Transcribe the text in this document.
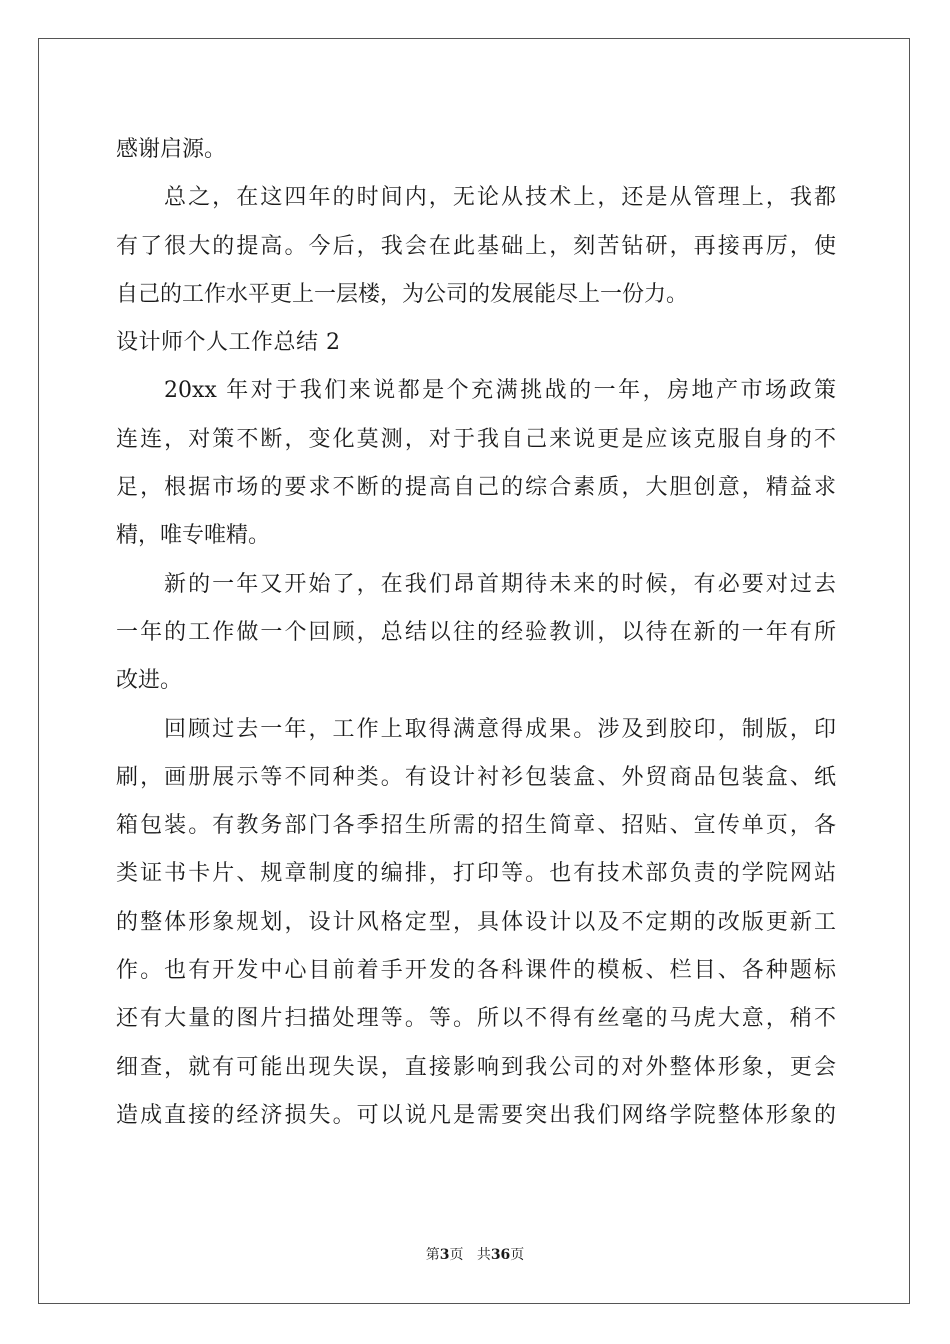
感谢启源。
总之，在这四年的时间内，无论从技术上，还是从管理上，我都
有了很大的提高。今后，我会在此基础上，刻苦钻研，再接再厉，使
自己的工作水平更上一层楼，为公司的发展能尽上一份力。
设计师个人工作总结 2
20xx 年对于我们来说都是个充满挑战的一年，房地产市场政策
连连，对策不断，变化莫测，对于我自己来说更是应该克服自身的不
足，根据市场的要求不断的提高自己的综合素质，大胆创意，精益求
精，唯专唯精。
新的一年又开始了，在我们昂首期待未来的时候，有必要对过去
一年的工作做一个回顾，总结以往的经验教训，以待在新的一年有所
改进。
回顾过去一年，工作上取得满意得成果。涉及到胶印，制版，印
刷，画册展示等不同种类。有设计衬衫包装盒、外贸商品包装盒、纸
箱包装。有教务部门各季招生所需的招生简章、招贴、宣传单页，各
类证书卡片、规章制度的编排，打印等。也有技术部负责的学院网站
的整体形象规划，设计风格定型，具体设计以及不定期的改版更新工
作。也有开发中心目前着手开发的各科课件的模板、栏目、各种题标
还有大量的图片扫描处理等。等。所以不得有丝毫的马虎大意，稍不
细查，就有可能出现失误，直接影响到我公司的对外整体形象，更会
造成直接的经济损失。可以说凡是需要突出我们网络学院整体形象的
第3页 共36页
